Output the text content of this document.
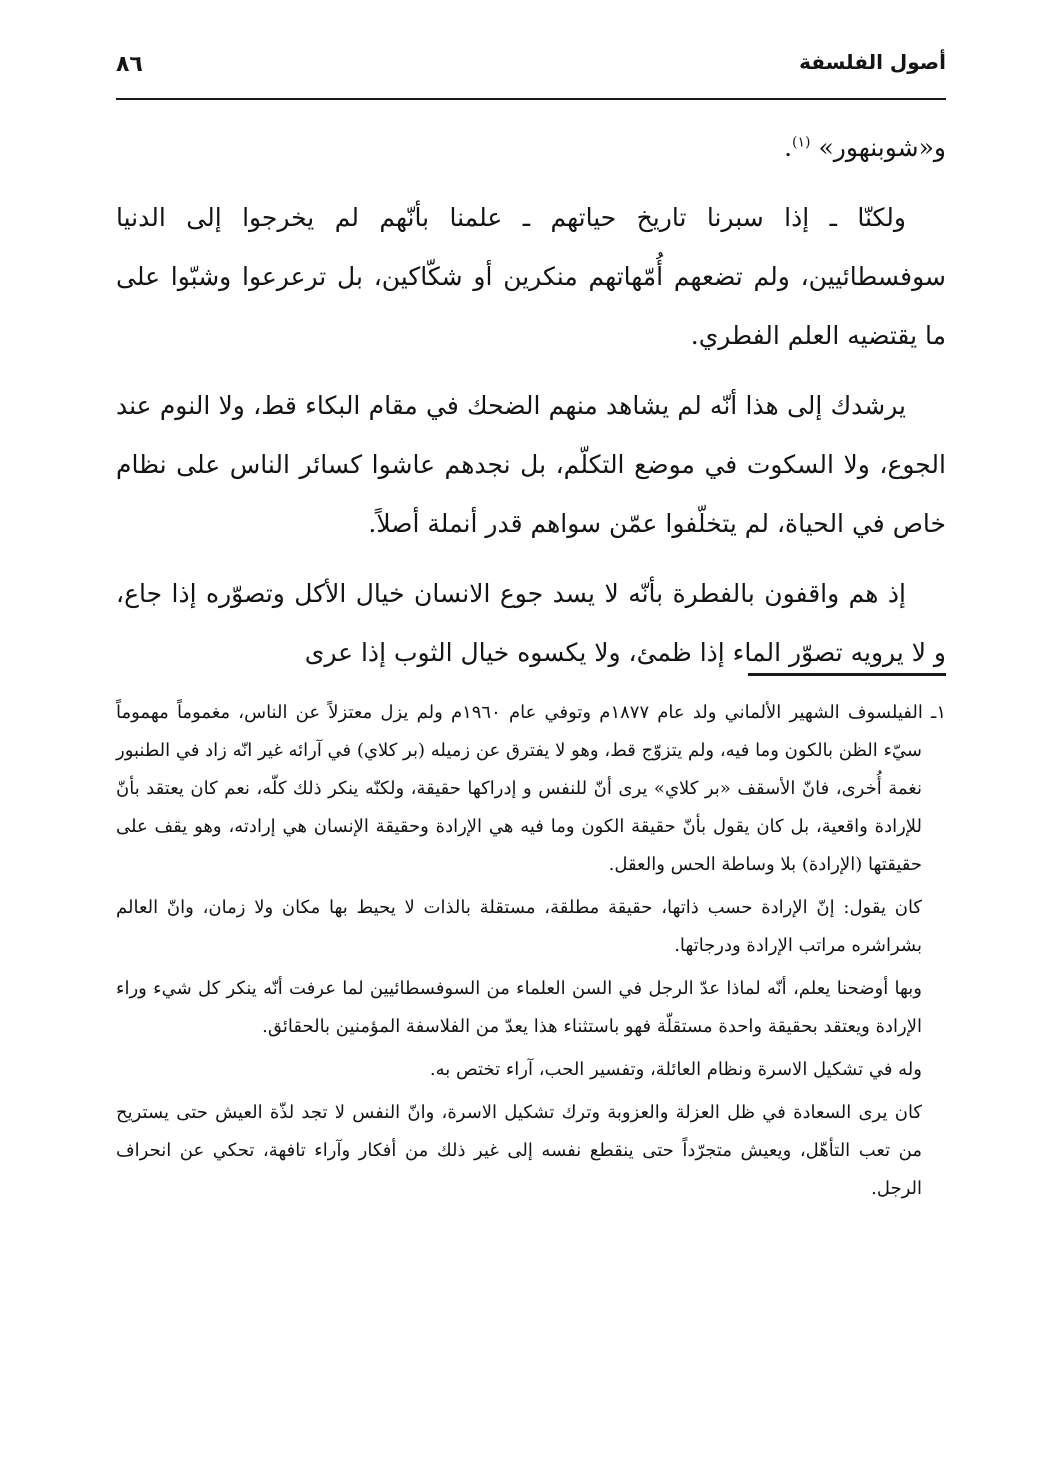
أصول الفلسفة
٨٦

و«شوبنهور» $^{(١)}$.

ولكنّا ـ إذا سبرنا تاريخ حياتهم ـ علمنا بأنّهم لم يخرجوا إلى الدنيا سوفسطائيين، ولم تضعهم أُمّهاتهم منكرين أو شكّاكين، بل ترعرعوا وشبّوا على ما يقتضيه العلم الفطري.

يرشدك إلى هذا أنّه لم يشاهد منهم الضحك في مقام البكاء قط، ولا النوم عند الجوع، ولا السكوت في موضع التكلّم، بل نجدهم عاشوا كسائر الناس على نظام خاص في الحياة، لم يتخلّفوا عمّن سواهم قدر أنملة أصلاً.

إذ هم واقفون بالفطرة بأنّه لا يسد جوع الانسان خيال الأكل وتصوّره إذا جاع، و لا يرويه تصوّر الماء إذا ظمئ، ولا يكسوه خيال الثوب إذا عرى

١ـ الفيلسوف الشهير الألماني ولد عام ١٨٧٧م وتوفي عام ١٩٦٠م ولم يزل معتزلاً عن الناس، مغموماً مهموماً سيّء الظن بالكون وما فيه، ولم يتزوّج قط، وهو لا يفترق عن زميله (بر كلاي) في آرائه غير انّه زاد في الطنبور نغمة أُخرى، فانّ الأسقف «بر كلاي» يرى أنّ للنفس و إدراكها حقيقة، ولكنّه ينكر ذلك كلّه، نعم كان يعتقد بأنّ للإرادة واقعية، بل كان يقول بأنّ حقيقة الكون وما فيه هي الإرادة وحقيقة الإنسان هي إرادته، وهو يقف على حقيقتها (الإرادة) بلا وساطة الحس والعقل.

كان يقول: إنّ الإرادة حسب ذاتها، حقيقة مطلقة، مستقلة بالذات لا يحيط بها مكان ولا زمان، وانّ العالم بشراشره مراتب الإرادة ودرجاتها.

وبها أوضحنا يعلم، أنّه لماذا عدّ الرجل في السن العلماء من السوفسطائيين لما عرفت أنّه ينكر كل شيء وراء الإرادة ويعتقد بحقيقة واحدة مستقلّة فهو باستثناء هذا يعدّ من الفلاسفة المؤمنين بالحقائق.

وله في تشكيل الاسرة ونظام العائلة، وتفسير الحب، آراء تختص به.

كان يرى السعادة في ظل العزلة والعزوبة وترك تشكيل الاسرة، وانّ النفس لا تجد لذّة العيش حتى يستريح من تعب التأهّل، ويعيش متجرّداً حتى ينقطع نفسه إلى غير ذلك من أفكار وآراء تافهة، تحكي عن انحراف الرجل.
